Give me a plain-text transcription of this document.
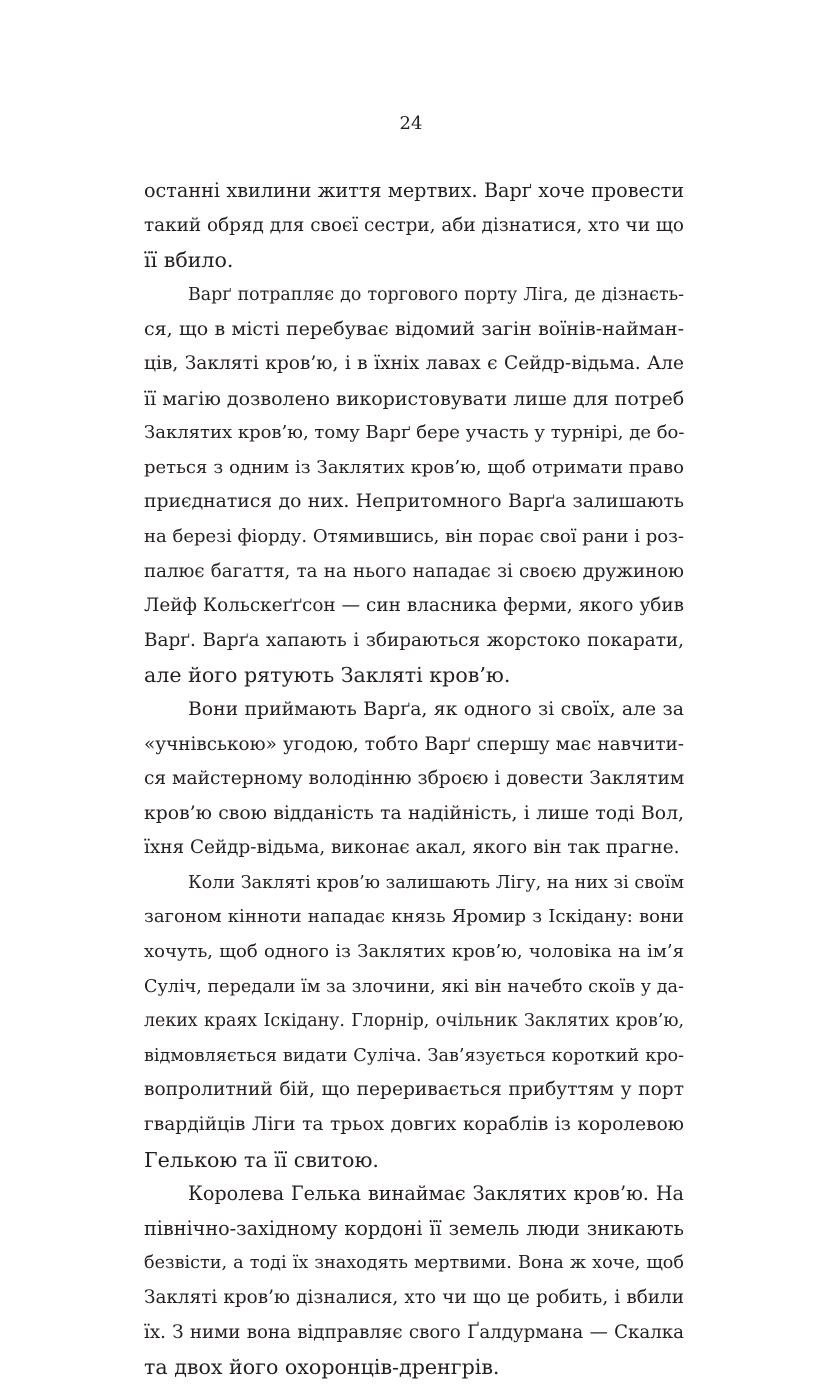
24
останні хвилини життя мертвих. Варґ хоче провести
такий обряд для своєї сестри, аби дізнатися, хто чи що
її вбило.
Варґ потрапляє до торгового порту Ліга, де дізнаєть-
ся, що в місті перебуває відомий загін воїнів-найман-
ців, Закляті кров’ю, і в їхніх лавах є Сейдр-відьма. Але
її магію дозволено використовувати лише для потреб
Заклятих кров’ю, тому Варґ бере участь у турнірі, де бо-
реться з одним із Заклятих кров’ю, щоб отримати право
приєднатися до них. Непритомного Варґа залишають
на березі фіорду. Отямившись, він порає свої рани і роз-
палює багаття, та на нього нападає зі своєю дружиною
Лейф Кольскеґґсон — син власника ферми, якого убив
Варґ. Варґа хапають і збираються жорстоко покарати,
але його рятують Закляті кров’ю.
Вони приймають Варґа, як одного зі своїх, але за
«учнівською» угодою, тобто Варґ спершу має навчити-
ся майстерному володінню зброєю і довести Заклятим
кров’ю свою відданість та надійність, і лише тоді Вол,
їхня Сейдр-відьма, виконає акал, якого він так прагне.
Коли Закляті кров’ю залишають Лігу, на них зі своїм
загоном кінноти нападає князь Яромир з Іскідану: вони
хочуть, щоб одного із Заклятих кров’ю, чоловіка на ім’я
Суліч, передали їм за злочини, які він начебто скоїв у да-
леких краях Іскідану. Глорнір, очільник Заклятих кров’ю,
відмовляється видати Суліча. Зав’язується короткий кро-
вопролитний бій, що переривається прибуттям у порт
гвардійців Ліги та трьох довгих кораблів із королевою
Гелькою та її свитою.
Королева Гелька винаймає Заклятих кров’ю. На
північно-західному кордоні її земель люди зникають
безвісти, а тоді їх знаходять мертвими. Вона ж хоче, щоб
Закляті кров’ю дізналися, хто чи що це робить, і вбили
їх. З ними вона відправляє свого Ґалдурмана — Скалка
та двох його охоронців-дренгрів.
